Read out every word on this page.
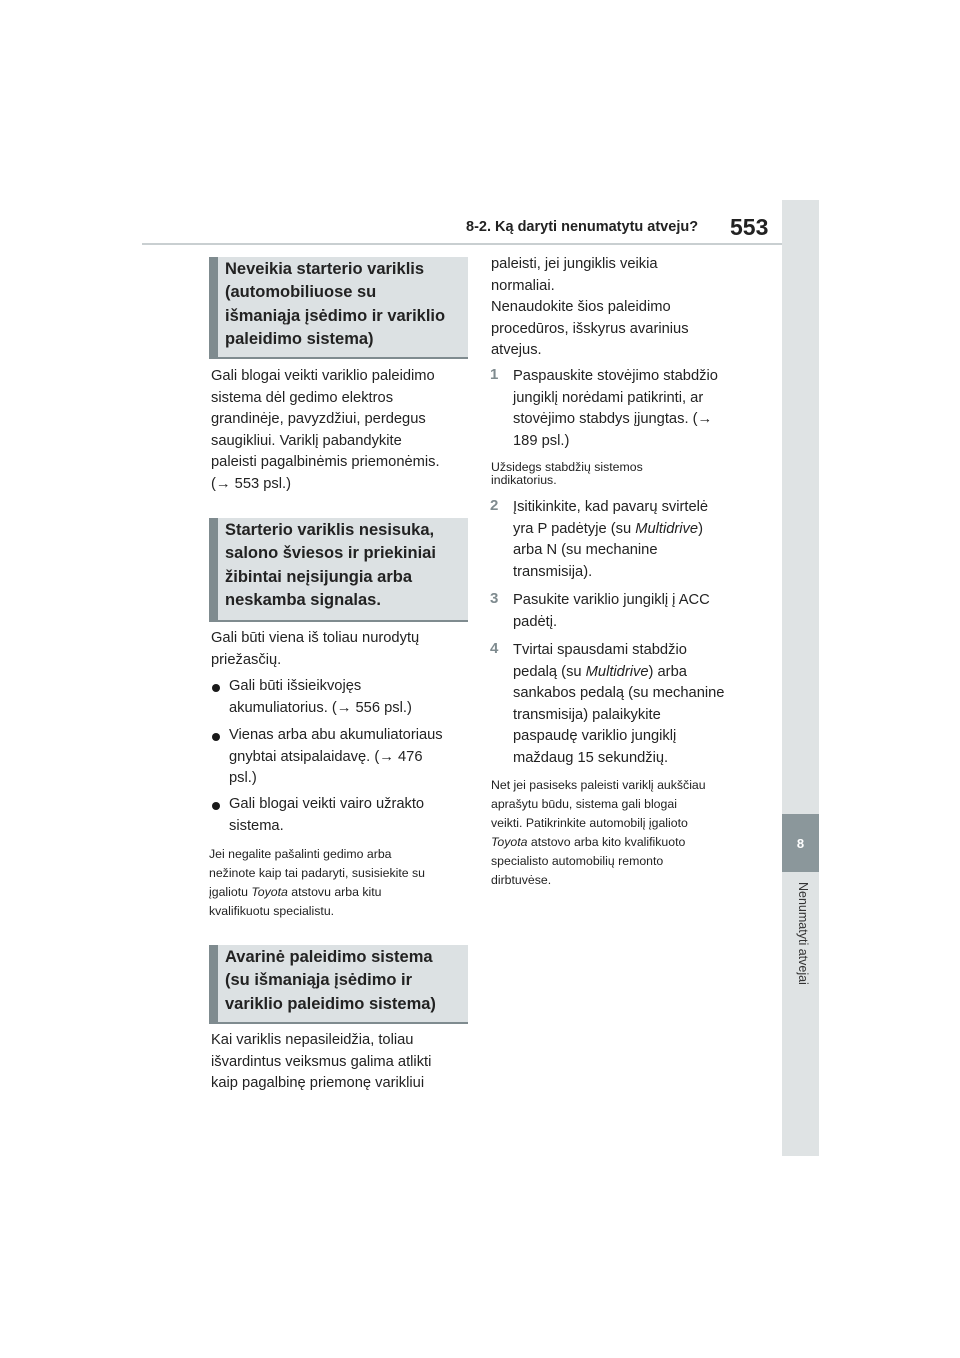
8-2. Ką daryti nenumatytu atveju? 553
8
Nenumatyti atvejai
Neveikia starterio variklis
(automobiliuose su
išmaniąja įsėdimo ir variklio
paleidimo sistema)
Gali blogai veikti variklio paleidimo
sistema dėl gedimo elektros
grandinėje, pavyzdžiui, perdegus
saugikliui. Variklį pabandykite
paleisti pagalbinėmis priemonėmis.
(→ 553 psl.)
Starterio variklis nesisuka,
salono šviesos ir priekiniai
žibintai neįsijungia arba
neskamba signalas.
Gali būti viena iš toliau nurodytų
priežasčių.
Gali būti išsieikvojęs
akumuliatorius. (→ 556 psl.)
Vienas arba abu akumuliatoriaus
gnybtai atsipalaidavę. (→ 476
psl.)
Gali blogai veikti vairo užrakto
sistema.
Jei negalite pašalinti gedimo arba
nežinote kaip tai padaryti, susisiekite su
įgaliotu Toyota atstovu arba kitu
kvalifikuotu specialistu.
Avarinė paleidimo sistema
(su išmaniąja įsėdimo ir
variklio paleidimo sistema)
Kai variklis nepasileidžia, toliau
išvardintus veiksmus galima atlikti
kaip pagalbinę priemonę varikliui
paleisti, jei jungiklis veikia
normaliai.
Nenaudokite šios paleidimo
procedūros, išskyrus avarinius
atvejus.
1 Paspauskite stovėjimo stabdžio
jungiklį norėdami patikrinti, ar
stovėjimo stabdys įjungtas. (→
189 psl.)
Užsidegs stabdžių sistemos
indikatorius.
2 Įsitikinkite, kad pavarų svirtelė
yra P padėtyje (su Multidrive)
arba N (su mechanine
transmisija).
3 Pasukite variklio jungiklį į ACC
padėtį.
4 Tvirtai spausdami stabdžio
pedalą (su Multidrive) arba
sankabos pedalą (su mechanine
transmisija) palaikykite
paspaudę variklio jungiklį
maždaug 15 sekundžių.
Net jei pasiseks paleisti variklį aukščiau
aprašytu būdu, sistema gali blogai
veikti. Patikrinkite automobilį įgalioto
Toyota atstovo arba kito kvalifikuoto
specialisto automobilių remonto
dirbtuvėse.
